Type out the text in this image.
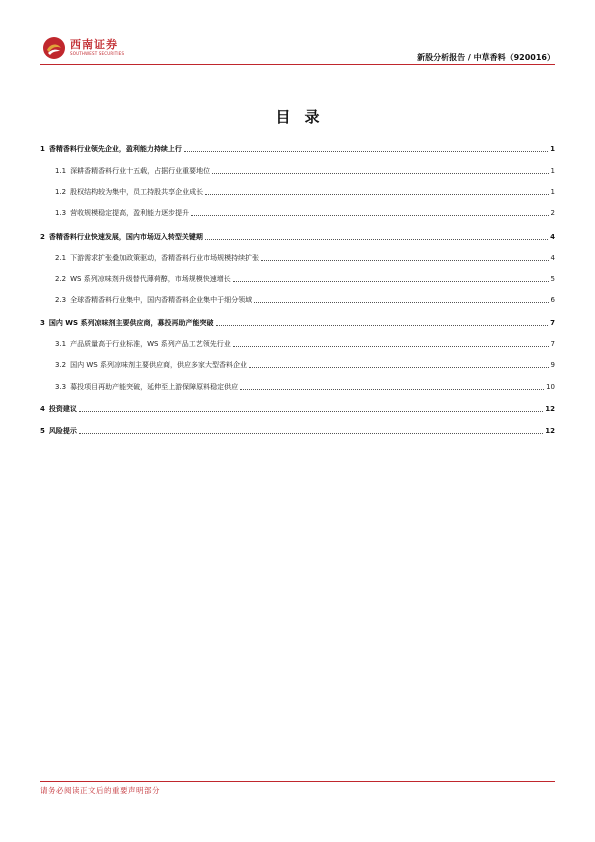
西南证券
SOUTHWEST SECURITIES	新股分析报告 / 中草香料（920016）
目录
1 香精香料行业领先企业，盈利能力持续上行	1
1.1 深耕香精香料行业十五载，占据行业重要地位	1
1.2 股权结构较为集中，员工持股共享企业成长	1
1.3 营收规模稳定提高，盈利能力逐步提升	2
2 香精香料行业快速发展，国内市场迈入转型关键期	4
2.1 下游需求扩张叠加政策驱动，香精香料行业市场规模持续扩张	4
2.2 WS 系列凉味剂升级替代薄荷醇，市场规模快速增长	5
2.3 全球香精香料行业集中，国内香精香料企业集中于细分领域	6
3 国内 WS 系列凉味剂主要供应商，募投再助产能突破	7
3.1 产品质量高于行业标准，WS 系列产品工艺领先行业	7
3.2 国内 WS 系列凉味剂主要供应商，供应多家大型香料企业	9
3.3 募投项目再助产能突破，延伸至上游保障原料稳定供应	10
4 投资建议	12
5 风险提示	12
请务必阅读正文后的重要声明部分
